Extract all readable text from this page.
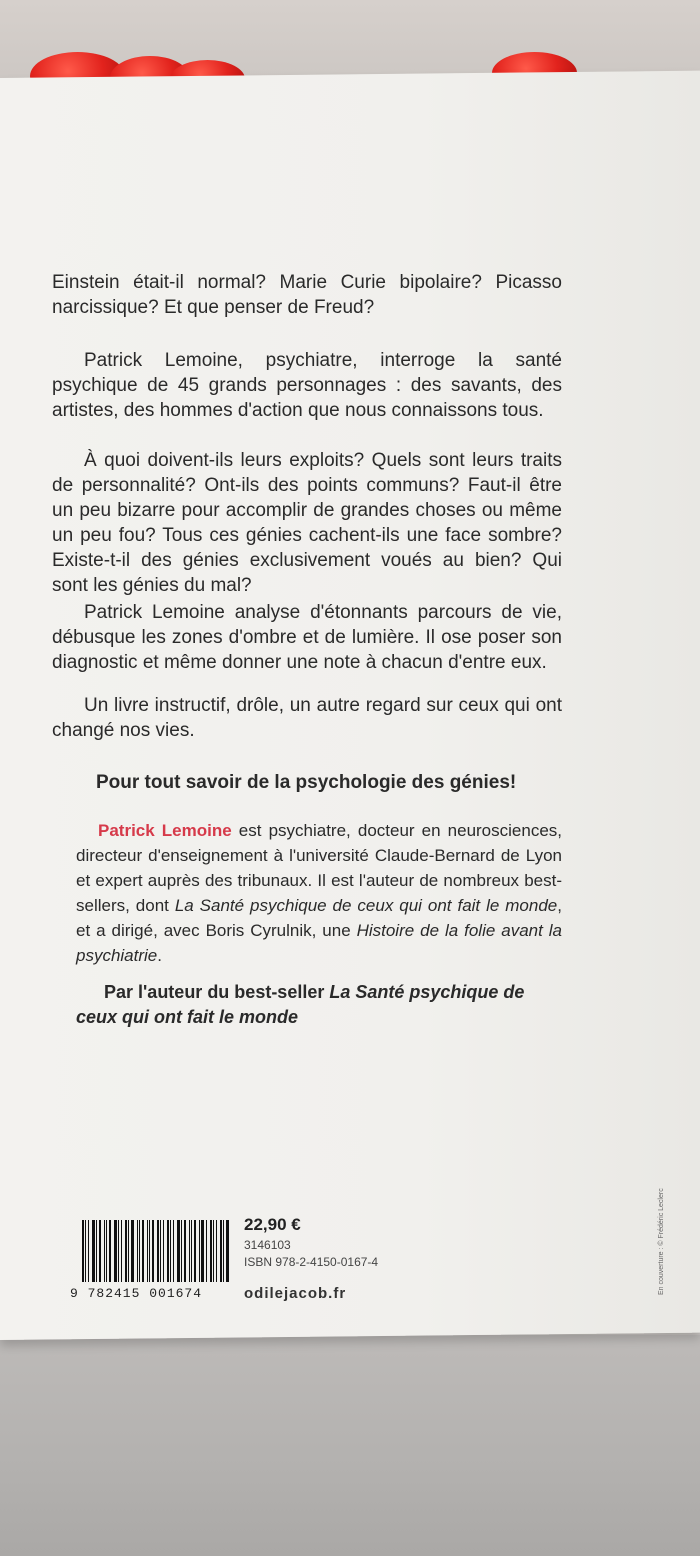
Einstein était-il normal? Marie Curie bipolaire? Picasso narcissique? Et que penser de Freud?
Patrick Lemoine, psychiatre, interroge la santé psychique de 45 grands personnages : des savants, des artistes, des hommes d'action que nous connaissons tous.
À quoi doivent-ils leurs exploits? Quels sont leurs traits de personnalité? Ont-ils des points communs? Faut-il être un peu bizarre pour accomplir de grandes choses ou même un peu fou? Tous ces génies cachent-ils une face sombre? Existe-t-il des génies exclusivement voués au bien? Qui sont les génies du mal?
Patrick Lemoine analyse d'étonnants parcours de vie, débusque les zones d'ombre et de lumière. Il ose poser son diagnostic et même donner une note à chacun d'entre eux.
Un livre instructif, drôle, un autre regard sur ceux qui ont changé nos vies.
Pour tout savoir de la psychologie des génies!
Patrick Lemoine est psychiatre, docteur en neurosciences, directeur d'enseignement à l'université Claude-Bernard de Lyon et expert auprès des tribunaux. Il est l'auteur de nombreux best-sellers, dont La Santé psychique de ceux qui ont fait le monde, et a dirigé, avec Boris Cyrulnik, une Histoire de la folie avant la psychiatrie.
Par l'auteur du best-seller La Santé psychique de ceux qui ont fait le monde
9 782415 001674
22,90 €
3146103
ISBN 978-2-4150-0167-4
odilejacob.fr	En couverture : © Frédéric Leclerc
